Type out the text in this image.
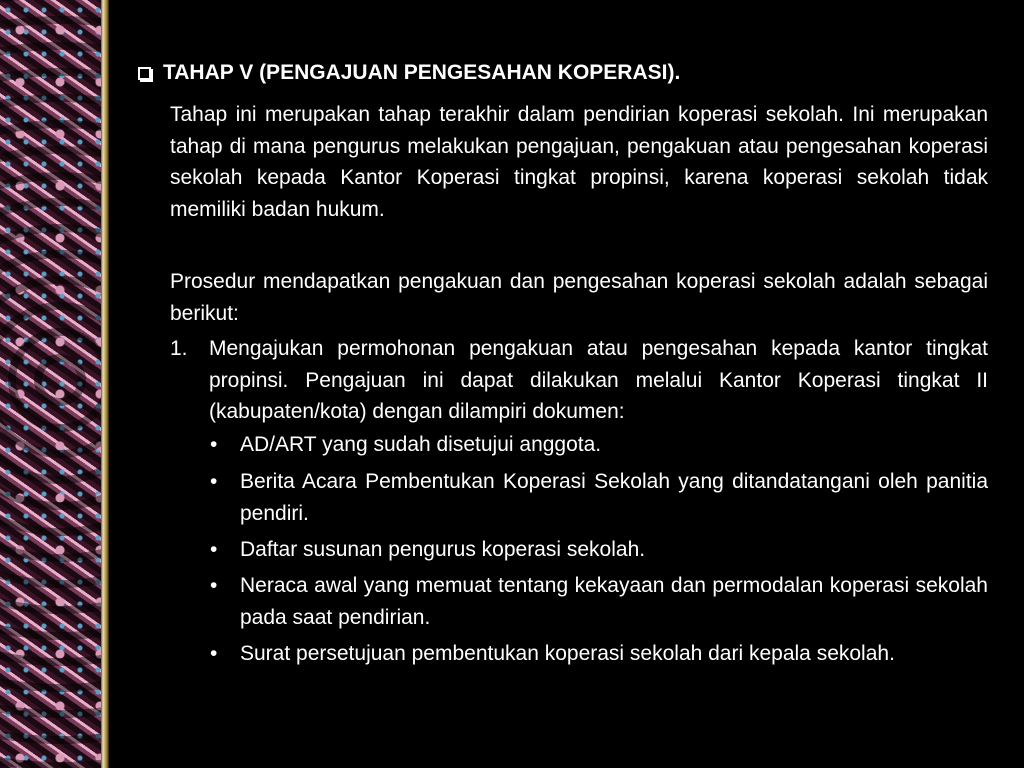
TAHAP V (PENGAJUAN PENGESAHAN KOPERASI).
Tahap ini merupakan tahap terakhir dalam pendirian koperasi sekolah. Ini merupakan tahap di mana pengurus melakukan pengajuan, pengakuan atau pengesahan koperasi sekolah kepada Kantor Koperasi tingkat propinsi, karena koperasi sekolah tidak memiliki badan hukum.
Prosedur mendapatkan pengakuan dan pengesahan koperasi sekolah adalah sebagai berikut:
1. Mengajukan permohonan pengakuan atau pengesahan kepada kantor tingkat propinsi. Pengajuan ini dapat dilakukan melalui Kantor Koperasi tingkat II (kabupaten/kota) dengan dilampiri dokumen:
• AD/ART yang sudah disetujui anggota.
• Berita Acara Pembentukan Koperasi Sekolah yang ditandatangani oleh panitia pendiri.
• Daftar susunan pengurus koperasi sekolah.
• Neraca awal yang memuat tentang kekayaan dan permodalan koperasi sekolah pada saat pendirian.
• Surat persetujuan pembentukan koperasi sekolah dari kepala sekolah.
